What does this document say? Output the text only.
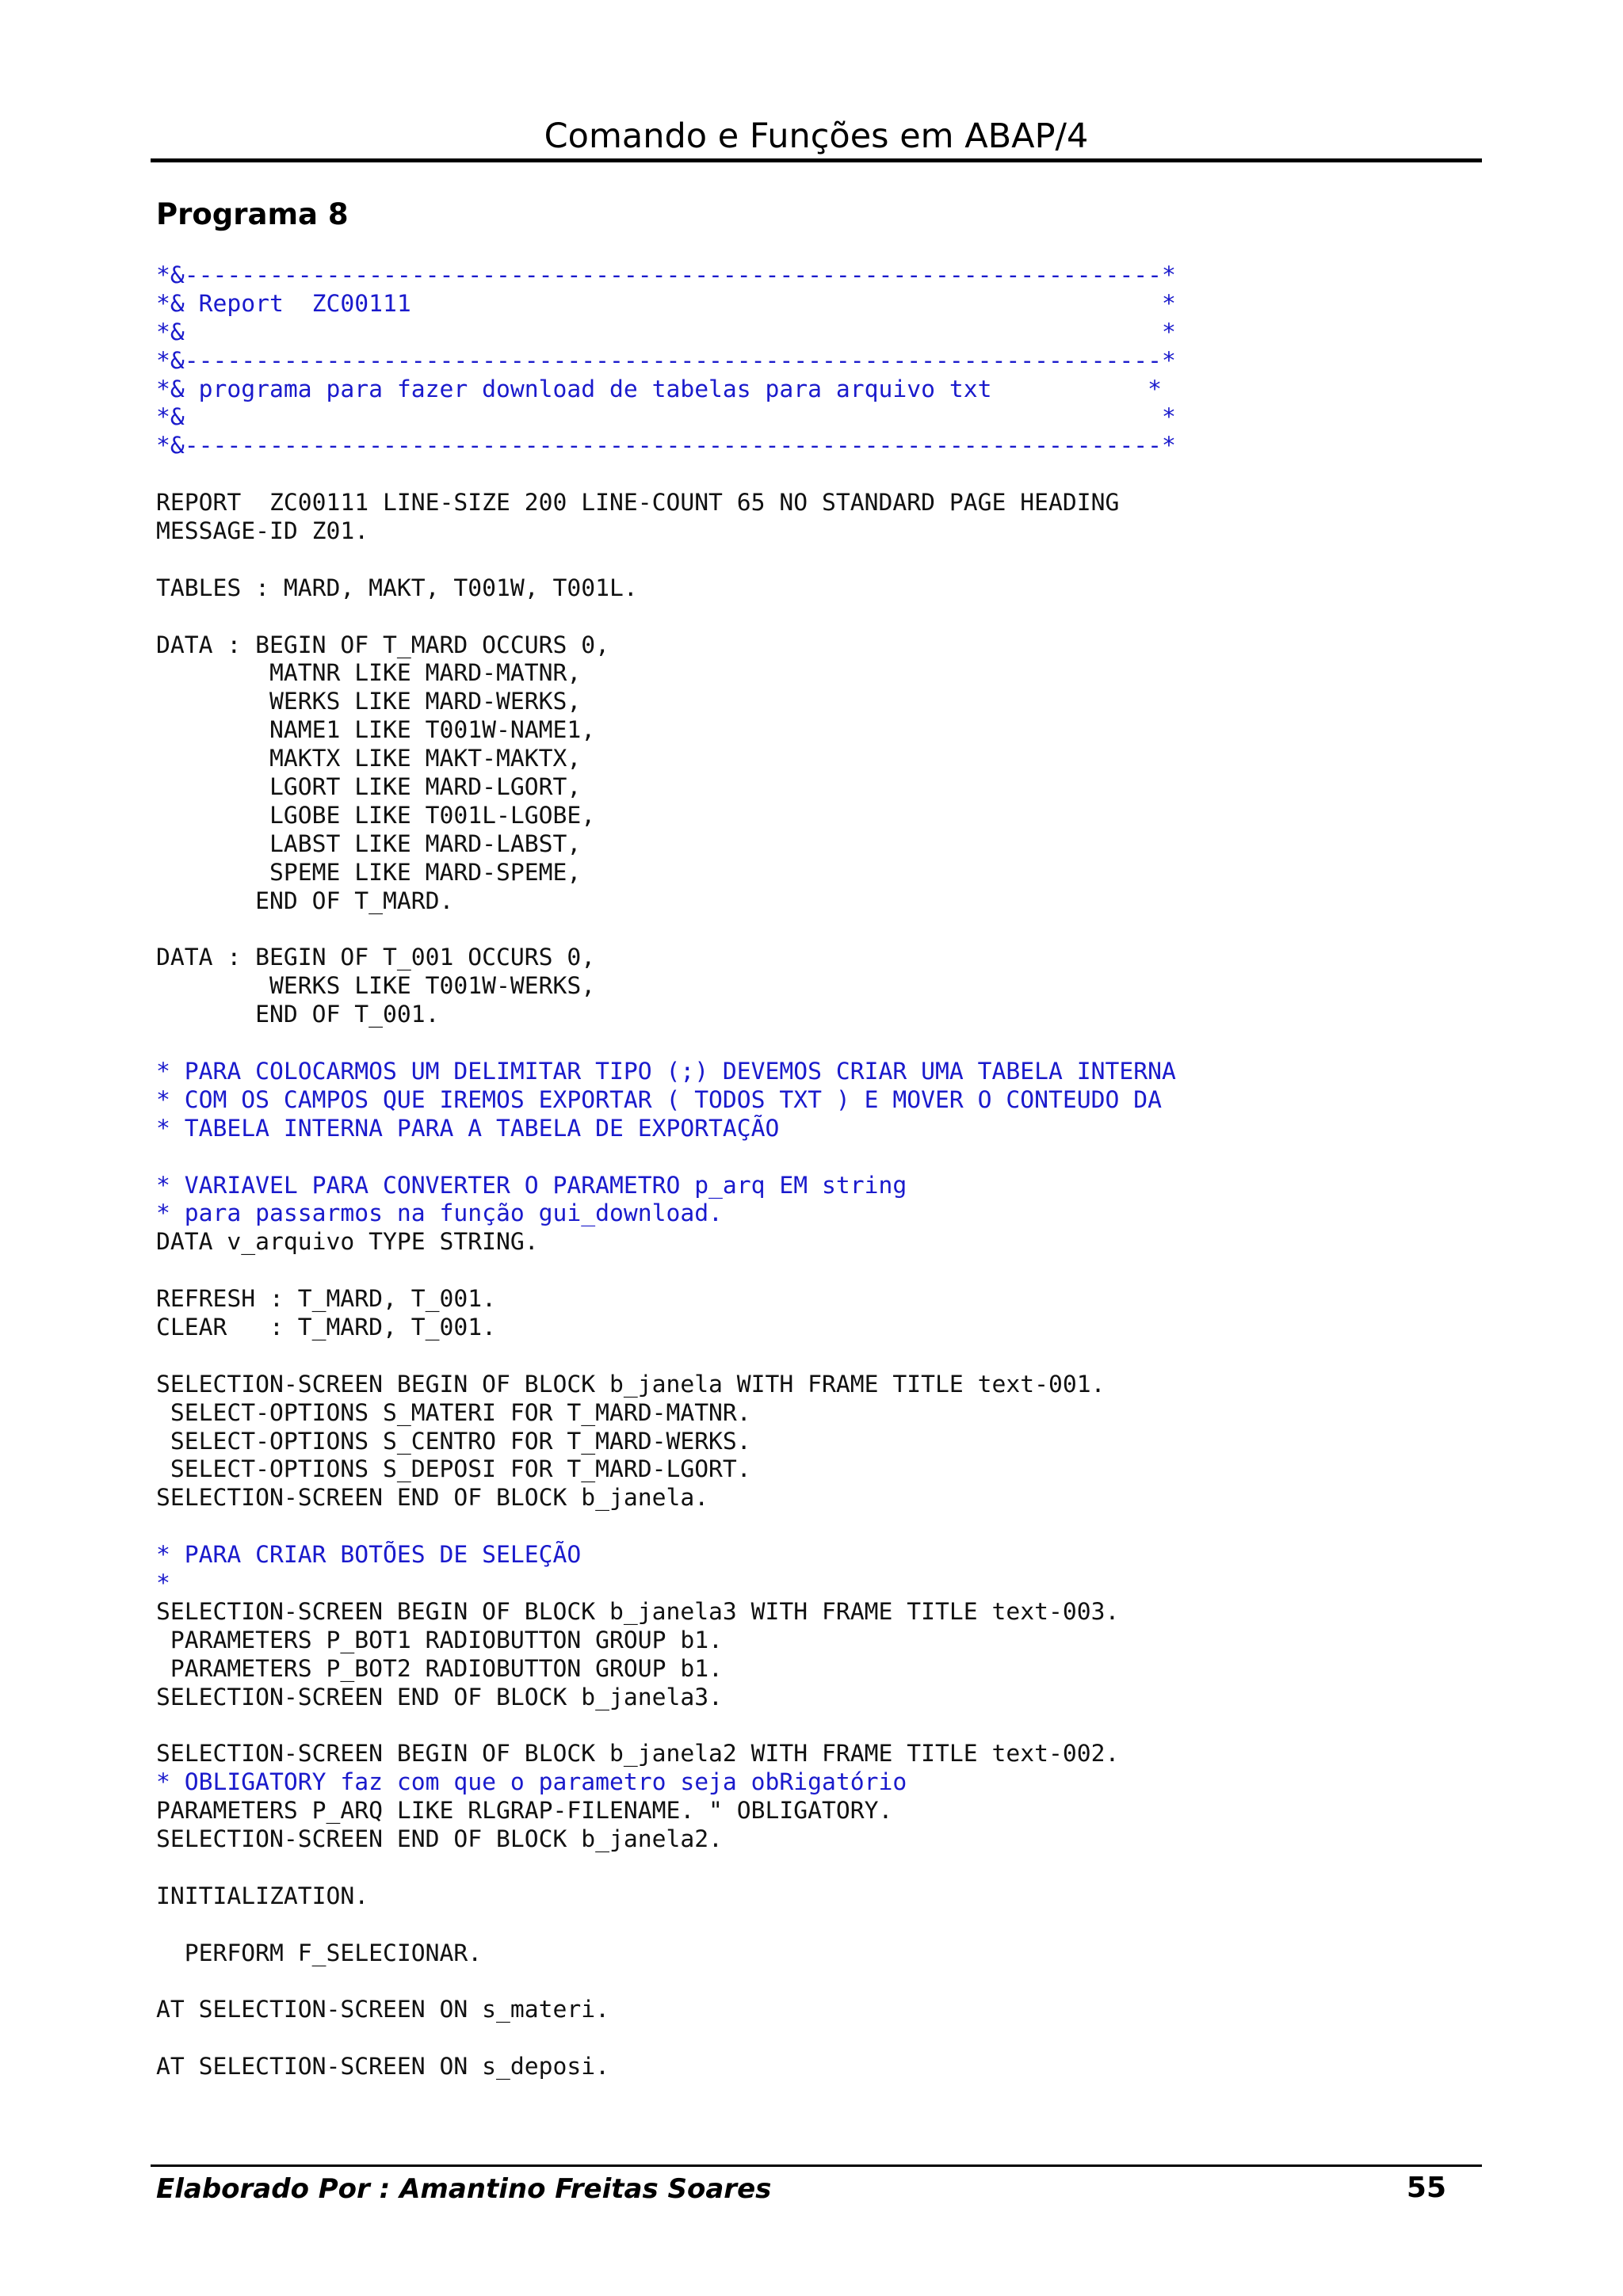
Comando e Funções em ABAP/4
Programa 8
*&---------------------------------------------------------------------*
*& Report  ZC00111                                                     *
*&                                                                     *
*&---------------------------------------------------------------------*
*& programa para fazer download de tabelas para arquivo txt           *
*&                                                                     *
*&---------------------------------------------------------------------*
REPORT  ZC00111 LINE-SIZE 200 LINE-COUNT 65 NO STANDARD PAGE HEADING
MESSAGE-ID Z01.
TABLES : MARD, MAKT, T001W, T001L.
DATA : BEGIN OF T_MARD OCCURS 0,
MATNR LIKE MARD-MATNR,
WERKS LIKE MARD-WERKS,
NAME1 LIKE T001W-NAME1,
MAKTX LIKE MAKT-MAKTX,
LGORT LIKE MARD-LGORT,
LGOBE LIKE T001L-LGOBE,
LABST LIKE MARD-LABST,
SPEME LIKE MARD-SPEME,
END OF T_MARD.
DATA : BEGIN OF T_001 OCCURS 0,
WERKS LIKE T001W-WERKS,
END OF T_001.
* PARA COLOCARMOS UM DELIMITAR TIPO (;) DEVEMOS CRIAR UMA TABELA INTERNA
* COM OS CAMPOS QUE IREMOS EXPORTAR ( TODOS TXT ) E MOVER O CONTEUDO DA
* TABELA INTERNA PARA A TABELA DE EXPORTAÇÃO
* VARIAVEL PARA CONVERTER O PARAMETRO p_arq EM string
* para passarmos na função gui_download.
DATA v_arquivo TYPE STRING.
REFRESH : T_MARD, T_001.
CLEAR   : T_MARD, T_001.
SELECTION-SCREEN BEGIN OF BLOCK b_janela WITH FRAME TITLE text-001.
SELECT-OPTIONS S_MATERI FOR T_MARD-MATNR.
SELECT-OPTIONS S_CENTRO FOR T_MARD-WERKS.
SELECT-OPTIONS S_DEPOSI FOR T_MARD-LGORT.
SELECTION-SCREEN END OF BLOCK b_janela.
* PARA CRIAR BOTÕES DE SELEÇÃO
*
SELECTION-SCREEN BEGIN OF BLOCK b_janela3 WITH FRAME TITLE text-003.
PARAMETERS P_BOT1 RADIOBUTTON GROUP b1.
PARAMETERS P_BOT2 RADIOBUTTON GROUP b1.
SELECTION-SCREEN END OF BLOCK b_janela3.
SELECTION-SCREEN BEGIN OF BLOCK b_janela2 WITH FRAME TITLE text-002.
* OBLIGATORY faz com que o parametro seja obRigatório
PARAMETERS P_ARQ LIKE RLGRAP-FILENAME. " OBLIGATORY.
SELECTION-SCREEN END OF BLOCK b_janela2.
INITIALIZATION.
PERFORM F_SELECIONAR.
AT SELECTION-SCREEN ON s_materi.
AT SELECTION-SCREEN ON s_deposi.
Elaborado Por : Amantino Freitas Soares	55
